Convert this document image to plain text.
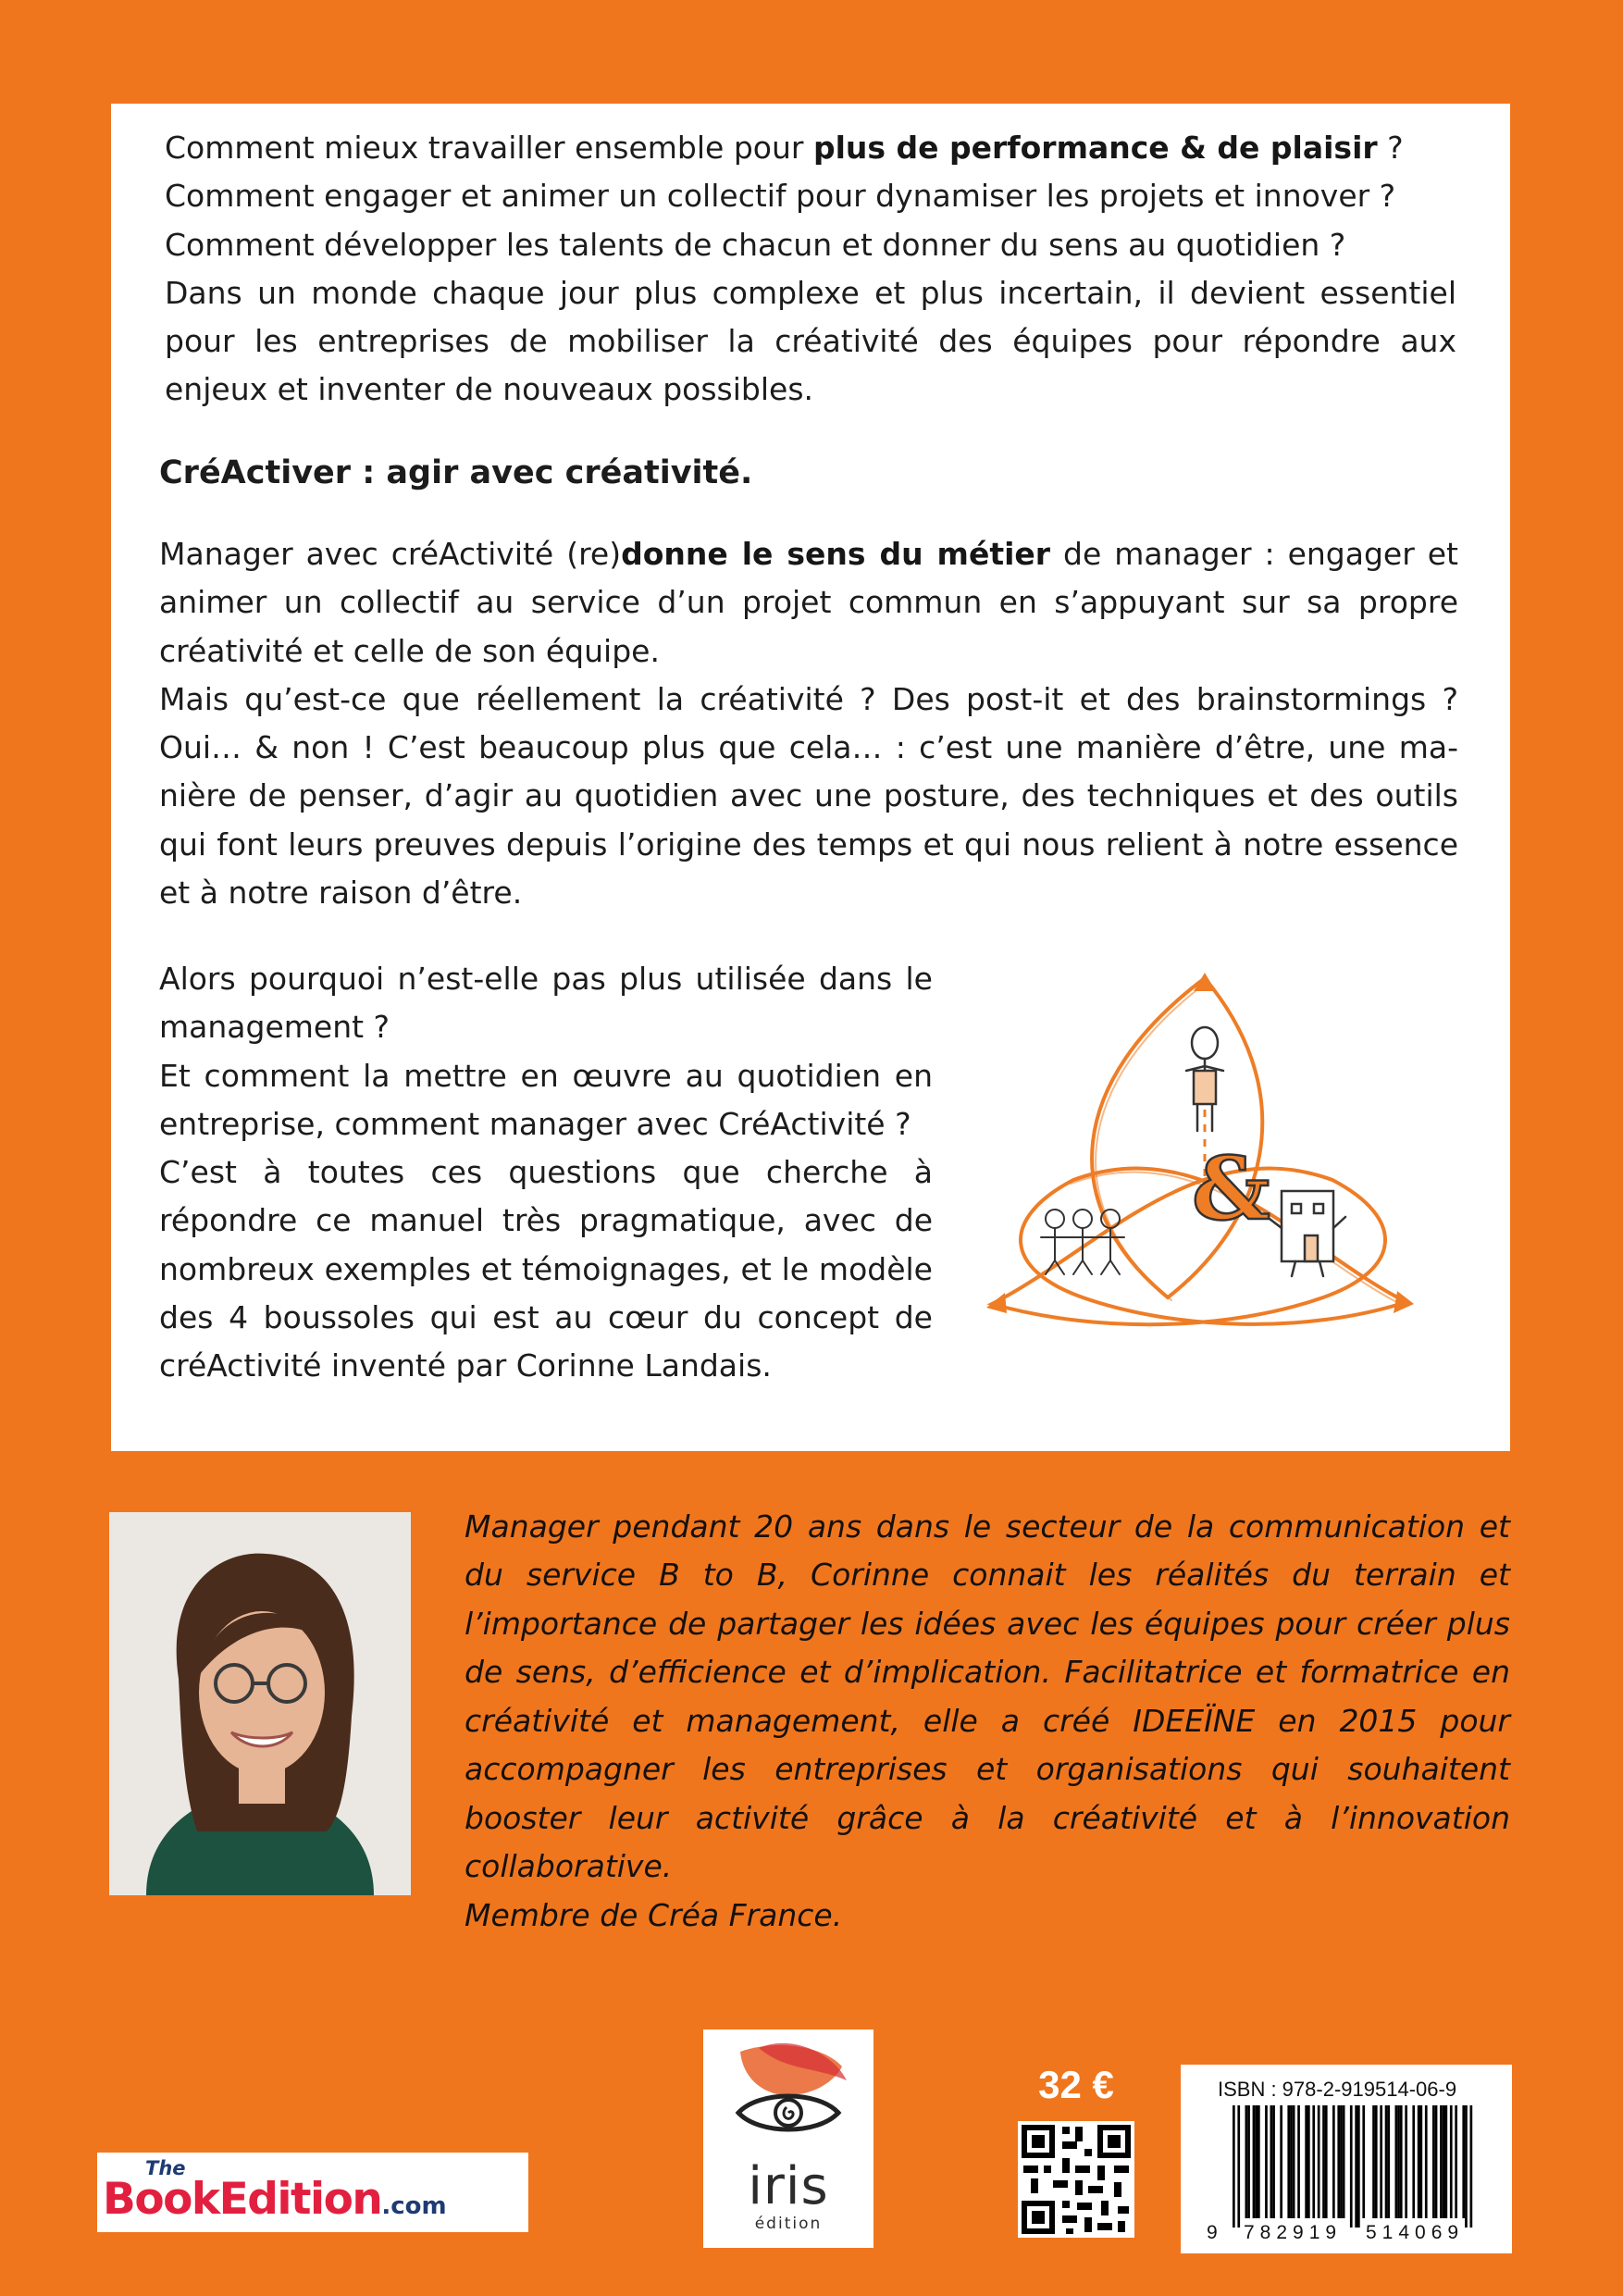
Comment mieux travailler ensemble pour plus de performance & de plaisir ?
Comment engager et animer un collectif pour dynamiser les projets et innover ?
Comment développer les talents de chacun et donner du sens au quotidien ?
Dans un monde chaque jour plus complexe et plus incertain, il devient essentiel pour les entreprises de mobiliser la créativité des équipes pour répondre aux enjeux et inventer de nouveaux possibles.
CréActiver : agir avec créativité.
Manager avec créActivité (re)donne le sens du métier de manager : engager et animer un collectif au service d’un projet commun en s’appuyant sur sa propre créativité et celle de son équipe.
Mais qu’est-ce que réellement la créativité ? Des post-it et des brainstormings ? Oui… & non ! C’est beaucoup plus que cela… : c’est une manière d’être, une manière de penser, d’agir au quotidien avec une posture, des techniques et des outils qui font leurs preuves depuis l’origine des temps et qui nous relient à notre essence et à notre raison d’être.
Alors pourquoi n’est-elle pas plus utilisée dans le management ?
Et comment la mettre en œuvre au quotidien en entreprise, comment manager avec CréActivité ?
C’est à toutes ces questions que cherche à répondre ce manuel très pragmatique, avec de nombreux exemples et témoignages, et le modèle des 4 boussoles qui est au cœur du concept de créActivité inventé par Corinne Landais.
&

Manager pendant 20 ans dans le secteur de la communication et du service B to B, Corinne connait les réalités du terrain et l’importance de partager les idées avec les équipes pour créer plus de sens, d’efficience et d’implication. Facilitatrice et formatrice en créativité et management, elle a créé IDEEÏNE en 2015 pour accompagner les entreprises et organisations qui souhaitent booster leur activité grâce à la créativité et à l’innovation collaborative.
Membre de Créa France.

The
BookEdition.com	iris
édition
32 €	ISBN : 978-2-919514-06-9
9 782919 514069
